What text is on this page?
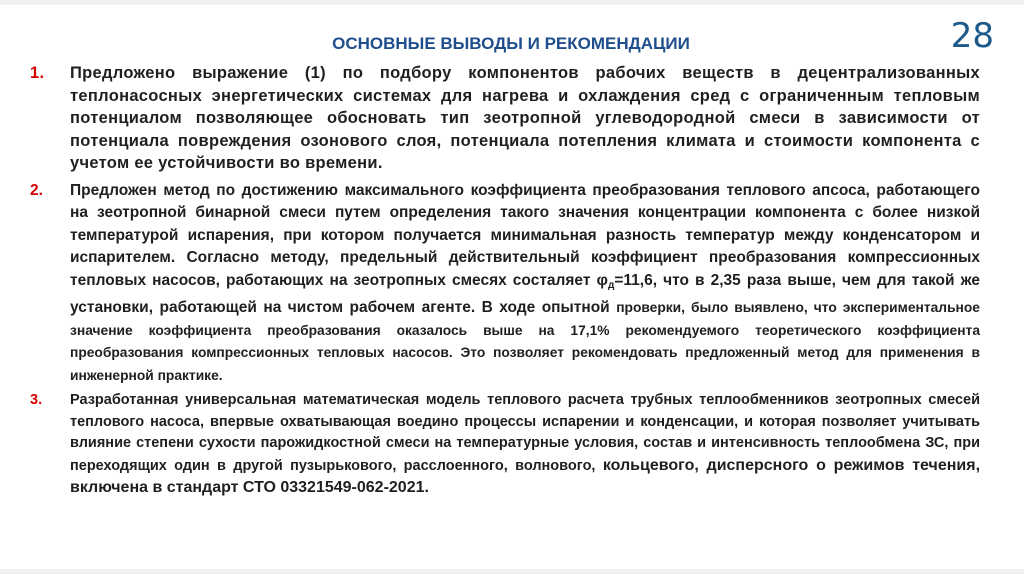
28
ОСНОВНЫЕ ВЫВОДЫ И РЕКОМЕНДАЦИИ
1. Предложено выражение (1) по подбору компонентов рабочих веществ в децентрализованных теплонасосных энергетических системах для нагрева и охлаждения сред с ограниченным тепловым потенциалом позволяющее обосновать тип зеотропной углеводородной смеси в зависимости от потенциала повреждения озонового слоя, потенциала потепления климата и стоимости компонента с учетом ее устойчивости во времени.
2. Предложен метод по достижению максимального коэффициента преобразования теплового апсоса, работающего на зеотропной бинарной смеси путем определения такого значения концентрации компонента с более низкой температурой испарения, при котором получается минимальная разность температур между конденсатором и испарителем. Согласно методу, предельный действительный коэффициент преобразования компрессионных тепловых насосов, работающих на зеотропных смесях состаляет $\varphi_д=11,6$, что в 2,35 раза выше, чем для такой же установки, работающей на чистом рабочем агенте. В ходе опытной проверки, было выявлено, что экспериментальное значение коэффициента преобразования оказалось выше на 17,1% рекомендуемого теоретического коэффициента преобразования компрессионных тепловых насосов. Это позволяет рекомендовать предложенный метод для применения в инженерной практике.
3. Разработанная универсальная математическая модель теплового расчета трубных теплообменников зеотропных смесей теплового насоса, впервые охватывающая воедино процессы испарении и конденсации, и которая позволяет учитывать влияние степени сухости парожидкостной смеси на температурные условия, состав и интенсивность теплообмена ЗС, при переходящих один в другой пузырькового, расслоенного, волнового, кольцевого, дисперсного о режимов течения, включена в стандарт СТО 03321549-062-2021.
